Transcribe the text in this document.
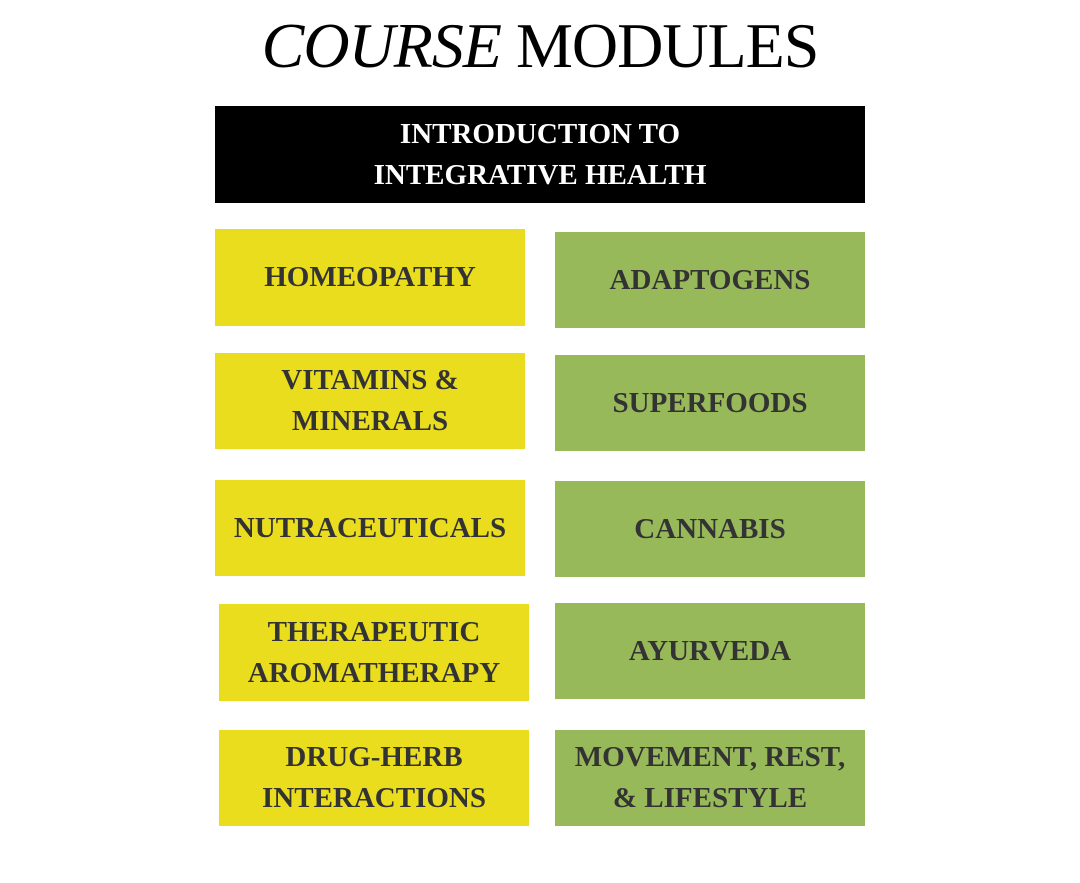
COURSE MODULES
INTRODUCTION TO
INTEGRATIVE HEALTH
HOMEOPATHY
VITAMINS &
MINERALS
NUTRACEUTICALS
THERAPEUTIC
AROMATHERAPY
DRUG-HERB
INTERACTIONS
ADAPTOGENS
SUPERFOODS
CANNABIS
AYURVEDA
MOVEMENT, REST,
& LIFESTYLE
